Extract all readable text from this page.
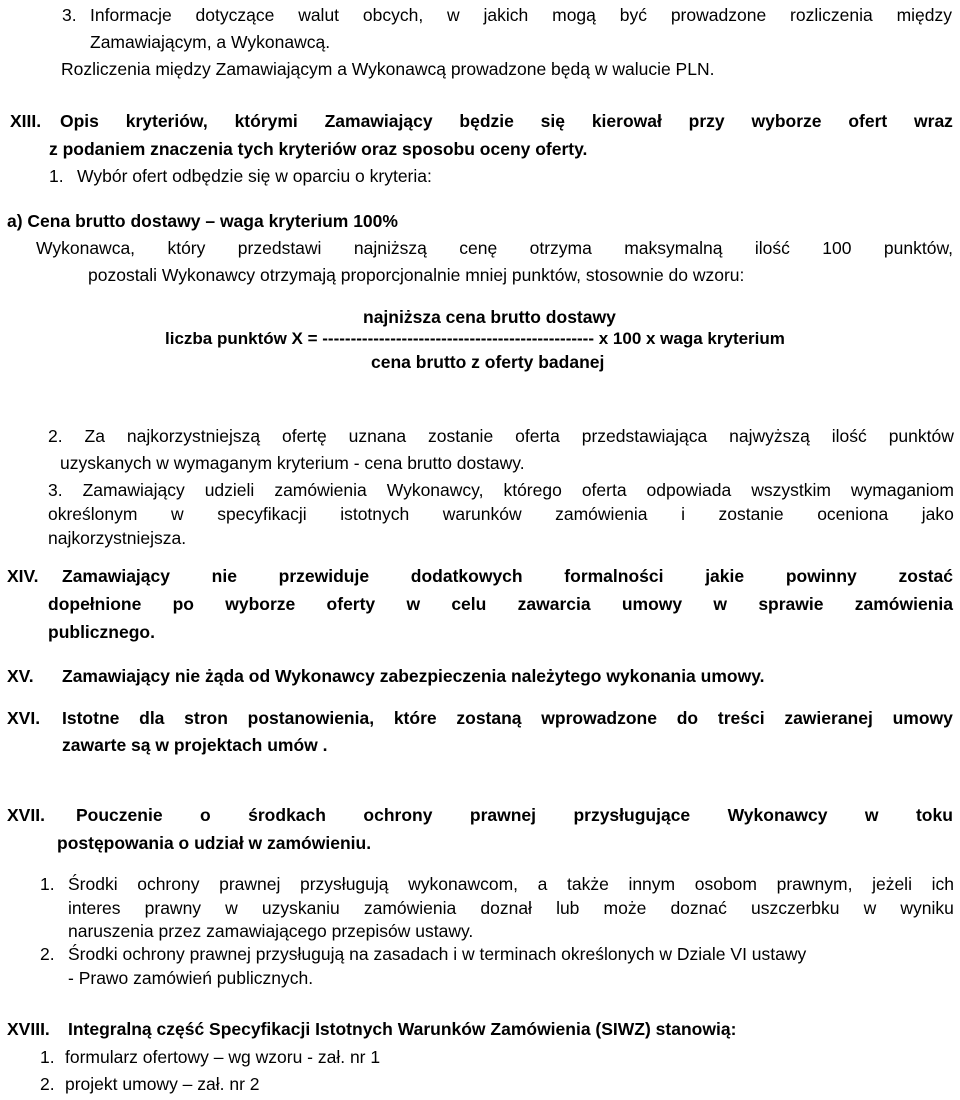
3. Informacje dotyczące walut obcych, w jakich mogą być prowadzone rozliczenia między
Zamawiającym, a Wykonawcą.
Rozliczenia między Zamawiającym a Wykonawcą prowadzone będą w walucie PLN.
XIII. Opis kryteriów, którymi Zamawiający będzie się kierował przy wyborze ofert wraz
z podaniem znaczenia tych kryteriów oraz sposobu oceny oferty.
1. Wybór ofert odbędzie się w oparciu o kryteria:
a) Cena brutto dostawy – waga kryterium 100%
Wykonawca, który przedstawi najniższą cenę otrzyma maksymalną ilość 100 punktów,
pozostali Wykonawcy otrzymają proporcjonalnie mniej punktów, stosownie do wzoru:
najniższa cena brutto dostawy
liczba punktów X = ------------------------------------------------ x 100 x waga kryterium
cena brutto z oferty badanej
2. Za najkorzystniejszą ofertę uznana zostanie oferta przedstawiająca najwyższą ilość punktów
uzyskanych w wymaganym kryterium - cena brutto dostawy.
3. Zamawiający udzieli zamówienia Wykonawcy, którego oferta odpowiada wszystkim wymaganiom
określonym w specyfikacji istotnych warunków zamówienia i zostanie oceniona jako
najkorzystniejsza.
XIV. Zamawiający nie przewiduje dodatkowych formalności jakie powinny zostać
dopełnione po wyborze oferty w celu zawarcia umowy w sprawie zamówienia
publicznego.
XV. Zamawiający nie żąda od Wykonawcy zabezpieczenia należytego wykonania umowy.
XVI. Istotne dla stron postanowienia, które zostaną wprowadzone do treści zawieranej umowy
zawarte są w projektach umów .
XVII. Pouczenie o środkach ochrony prawnej przysługujące Wykonawcy w toku
postępowania o udział w zamówieniu.
1. Środki ochrony prawnej przysługują wykonawcom, a także innym osobom prawnym, jeżeli ich
interes prawny w uzyskaniu zamówienia doznał lub może doznać uszczerbku w wyniku
naruszenia przez zamawiającego przepisów ustawy.
2. Środki ochrony prawnej przysługują na zasadach i w terminach określonych w Dziale VI ustawy
- Prawo zamówień publicznych.
XVIII. Integralną część Specyfikacji Istotnych Warunków Zamówienia (SIWZ) stanowią:
1. formularz ofertowy – wg wzoru - zał. nr 1
2. projekt umowy – zał. nr 2
